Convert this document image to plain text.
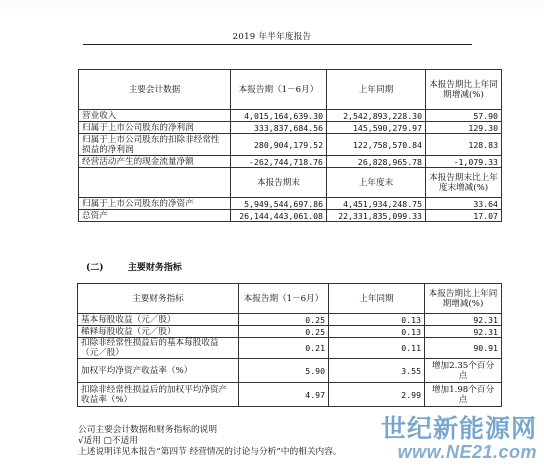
2019 年半年度报告
主要会计数据	本报告期（1－6月）	上年同期	本报告期比上年同期增减(%)
营业收入	4,015,164,639.30	2,542,893,228.30	57.90
归属于上市公司股东的净利润	333,837,684.56	145,590,279.97	129.30
归属于上市公司股东的扣除非经常性损益的净利润	280,904,179.52	122,758,570.84	128.83
经营活动产生的现金流量净额	-262,744,718.76	26,828,965.78	-1,079.33
	本报告期末	上年度末	本报告期末比上年度末增减(%)
归属于上市公司股东的净资产	5,949,544,697.86	4,451,934,248.75	33.64
总资产	26,144,443,061.08	22,331,835,099.33	17.07
(二)	主要财务指标
主要财务指标	本报告期（1－6月）	上年同期	本报告期比上年同期增减(%)
基本每股收益（元／股）	0.25	0.13	92.31
稀释每股收益（元／股）	0.25	0.13	92.31
扣除非经常性损益后的基本每股收益（元／股）	0.21	0.11	90.91
加权平均净资产收益率（%）	5.90	3.55	增加2.35个百分点
扣除非经常性损益后的加权平均净资产收益率（%）	4.97	2.99	增加1.98个百分点
公司主要会计数据和财务指标的说明
√适用 □不适用
上述说明详见本报告“第四节 经营情况的讨论与分析”中的相关内容。
世纪新能源网
www.NE21.com
